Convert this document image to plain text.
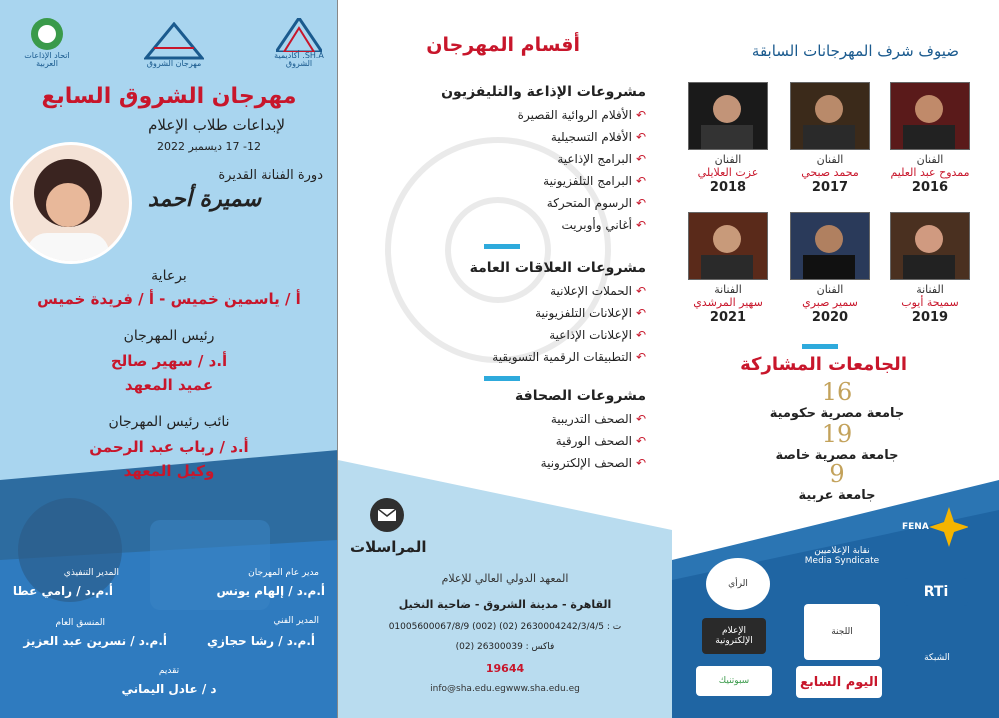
SH.A. أكاديمية الشروق
مهرجان الشروق
اتحاد الإذاعات العربية
مهرجان الشروق السابع
لإبداعات طلاب الإعلام
12- 17 ديسمبر 2022
دورة الفنانة القديرة
سميرة أحمد
برعاية
أ / ياسمين خميس - أ / فريدة خميس
رئيس المهرجان
أ.د / سهير صالح
عميد المعهد
نائب رئيس المهرجان
أ.د / رباب عبد الرحمن
وكيل المعهد
مدير عام المهرجان
أ.م.د / إلهام يونس
المدير التنفيذي
أ.م.د / رامي عطا
المدير الفني
أ.م.د / رشا حجازي
المنسق العام
أ.م.د / نسرين عبد العزيز
تقديم
د / عادل اليماني
أقسام المهرجان
مشروعات الإذاعة والتليفزيون
↶
الأفلام الروائية القصيرة
↶
الأفلام التسجيلية
↶
البرامج الإذاعية
↶
البرامج التلفزيونية
↶
الرسوم المتحركة
↶
أغاني وأوبريت
مشروعات العلاقات العامة
↶
الحملات الإعلانية
↶
الإعلانات التلفزيونية
↶
الإعلانات الإذاعية
↶
التطبيقات الرقمية التسويقية
مشروعات الصحافة
↶
الصحف التدريبية
↶
الصحف الورقية
↶
الصحف الإلكترونية
المراسلات
المعهد الدولي العالي للإعلام
القاهرة - مدينة الشروق - ضاحية النخيل
ت : 2630004242/3/4/5 (02) (002) 01005600067/8/9
فاكس : 26300039 (02)
19644
info@sha.edu.egwww.sha.edu.eg
ضيوف شرف المهرجانات السابقة
الفنان
ممدوح عبد العليم
2016
الفنان
محمد صبحي
2017
الفنان
عزت العلايلي
2018
الفنانة
سميحة أيوب
2019
الفنان
سمير صبري
2020
الفنانة
سهير المرشدي
2021
الجامعات المشاركة
16
جامعة مصرية حكومية
19
جامعة مصرية خاصة
9
جامعة عربية
FENA
نقابة الإعلاميين Media Syndicate
RTi
الرأي
اللجنة
الإعلام الإلكترونية
اليوم السابع
الشبكة
سبوتنيك
